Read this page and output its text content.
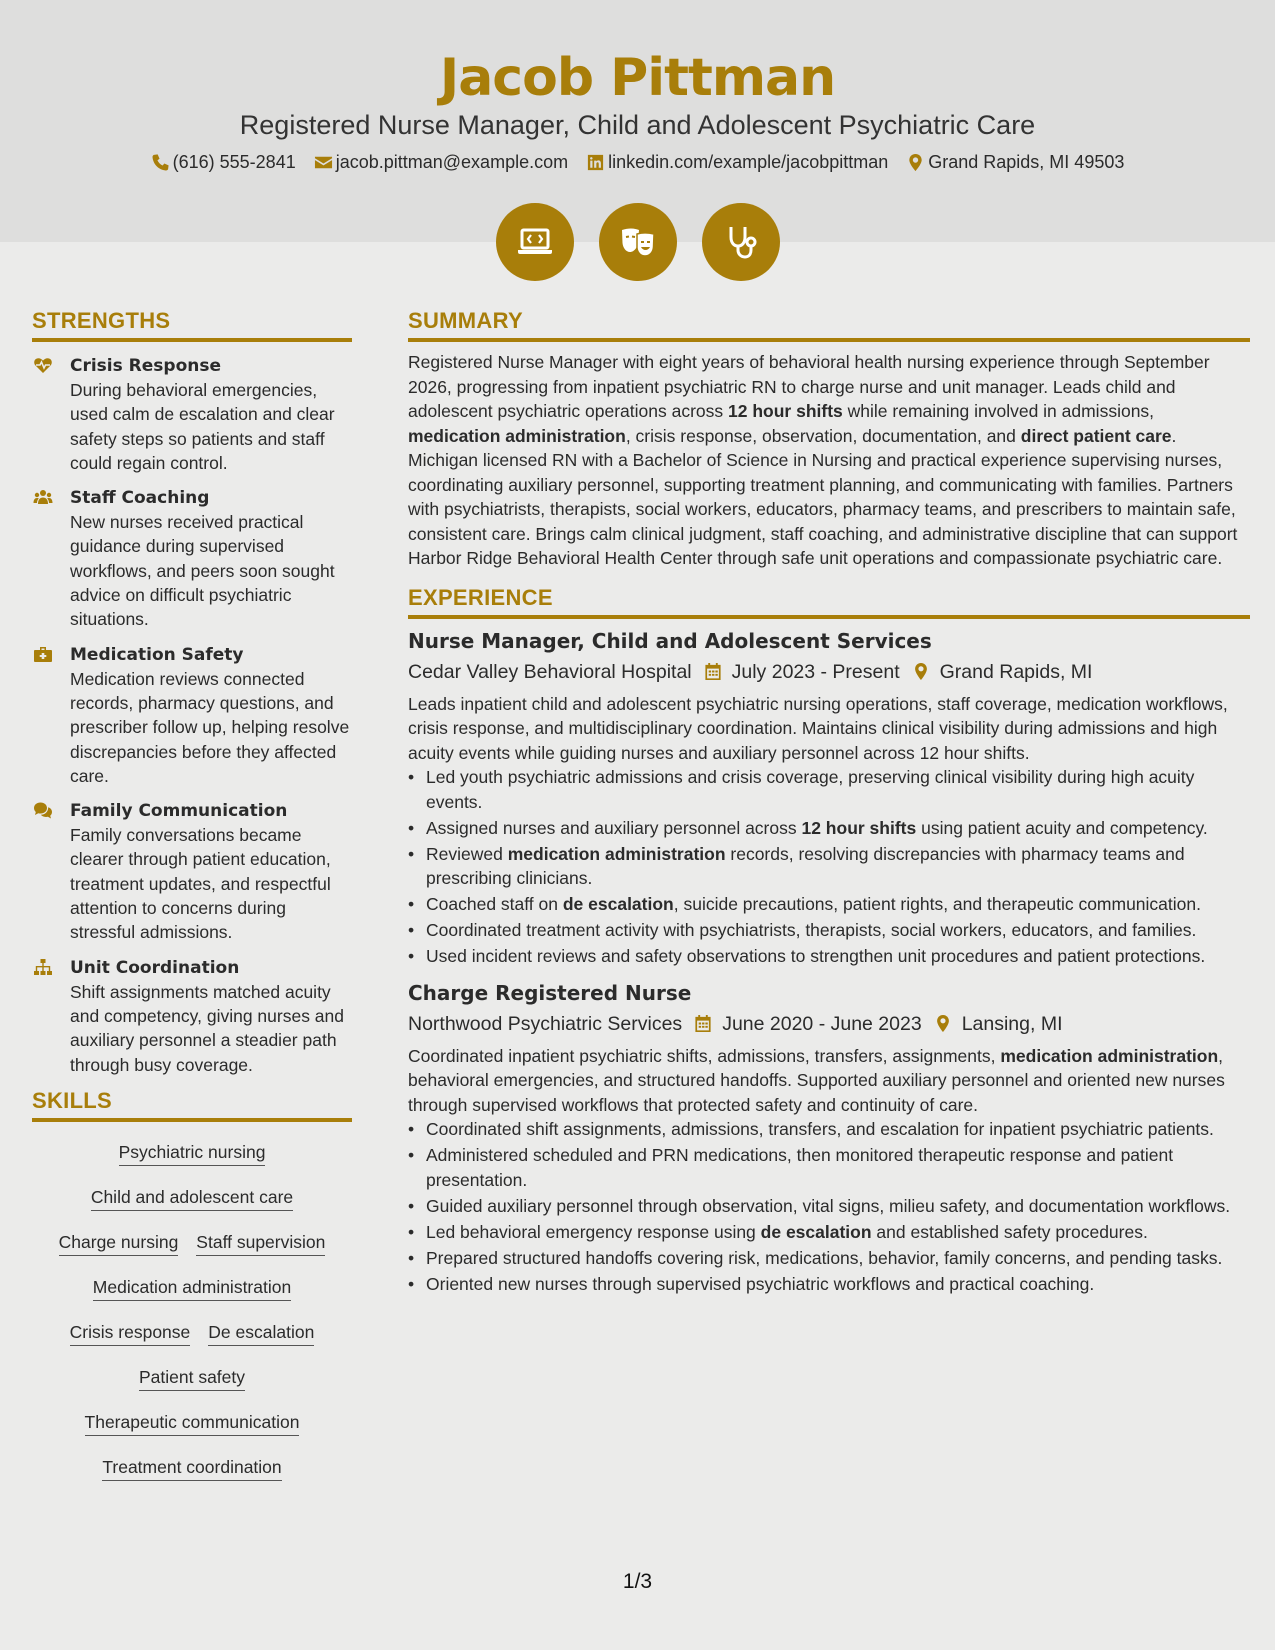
Jacob Pittman
Registered Nurse Manager, Child and Adolescent Psychiatric Care
(616) 555-2841 jacob.pittman@example.com linkedin.com/example/jacobpittman Grand Rapids, MI 49503
STRENGTHS
Crisis Response
During behavioral emergencies, used calm de escalation and clear safety steps so patients and staff could regain control.
Staff Coaching
New nurses received practical guidance during supervised workflows, and peers soon sought advice on difficult psychiatric situations.
Medication Safety
Medication reviews connected records, pharmacy questions, and prescriber follow up, helping resolve discrepancies before they affected care.
Family Communication
Family conversations became clearer through patient education, treatment updates, and respectful attention to concerns during stressful admissions.
Unit Coordination
Shift assignments matched acuity and competency, giving nurses and auxiliary personnel a steadier path through busy coverage.
SKILLS
Psychiatric nursing
Child and adolescent care
Charge nursing Staff supervision
Medication administration
Crisis response De escalation
Patient safety
Therapeutic communication
Treatment coordination
SUMMARY

Registered Nurse Manager with eight years of behavioral health nursing experience through September 2026, progressing from inpatient psychiatric RN to charge nurse and unit manager. Leads child and adolescent psychiatric operations across 12 hour shifts while remaining involved in admissions, medication administration, crisis response, observation, documentation, and direct patient care. Michigan licensed RN with a Bachelor of Science in Nursing and practical experience supervising nurses, coordinating auxiliary personnel, supporting treatment planning, and communicating with families. Partners with psychiatrists, therapists, social workers, educators, pharmacy teams, and prescribers to maintain safe, consistent care. Brings calm clinical judgment, staff coaching, and administrative discipline that can support Harbor Ridge Behavioral Health Center through safe unit operations and compassionate psychiatric care.

EXPERIENCE
Nurse Manager, Child and Adolescent Services
Cedar Valley Behavioral Hospital July 2023 - Present Grand Rapids, MI

Leads inpatient child and adolescent psychiatric nursing operations, staff coverage, medication workflows, crisis response, and multidisciplinary coordination. Maintains clinical visibility during admissions and high acuity events while guiding nurses and auxiliary personnel across 12 hour shifts.

• Led youth psychiatric admissions and crisis coverage, preserving clinical visibility during high acuity events.
• Assigned nurses and auxiliary personnel across 12 hour shifts using patient acuity and competency.
• Reviewed medication administration records, resolving discrepancies with pharmacy teams and prescribing clinicians.
• Coached staff on de escalation, suicide precautions, patient rights, and therapeutic communication.
• Coordinated treatment activity with psychiatrists, therapists, social workers, educators, and families.
• Used incident reviews and safety observations to strengthen unit procedures and patient protections.
Charge Registered Nurse
Northwood Psychiatric Services June 2020 - June 2023 Lansing, MI

Coordinated inpatient psychiatric shifts, admissions, transfers, assignments, medication administration, behavioral emergencies, and structured handoffs. Supported auxiliary personnel and oriented new nurses through supervised workflows that protected safety and continuity of care.

• Coordinated shift assignments, admissions, transfers, and escalation for inpatient psychiatric patients.
• Administered scheduled and PRN medications, then monitored therapeutic response and patient presentation.
• Guided auxiliary personnel through observation, vital signs, milieu safety, and documentation workflows.
• Led behavioral emergency response using de escalation and established safety procedures.
• Prepared structured handoffs covering risk, medications, behavior, family concerns, and pending tasks.
• Oriented new nurses through supervised psychiatric workflows and practical coaching.
1/3
